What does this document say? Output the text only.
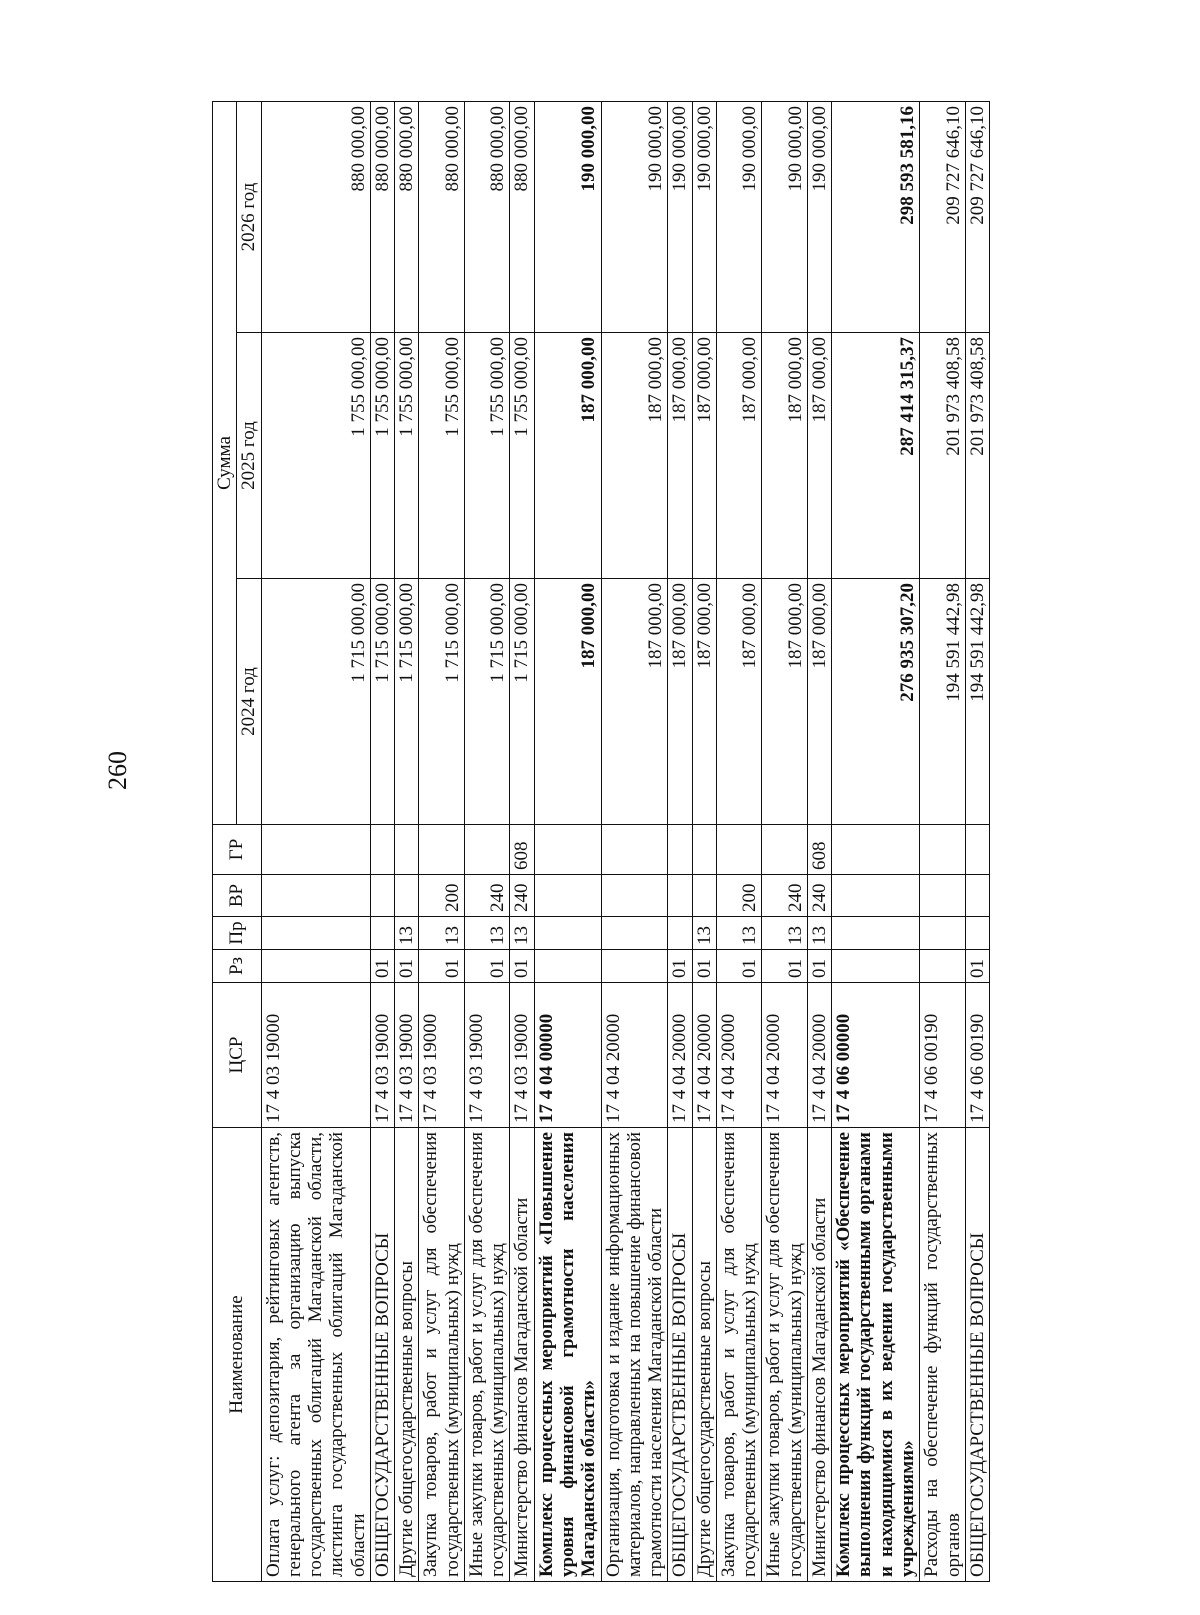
260
Наименование	ЦСР	Рз	Пр	ВР	ГР	Сумма		
						2024 год	2025 год	2026 год
Оплата услуг: депозитария, рейтинговых агентств, генерального агента за организацию выпуска государственных облигаций Магаданской области, листинга государственных облигаций Магаданской области	17 4 03 19000					1 715 000,00	1 755 000,00	880 000,00
ОБЩЕГОСУДАРСТВЕННЫЕ ВОПРОСЫ	17 4 03 19000	01				1 715 000,00	1 755 000,00	880 000,00
Другие общегосударственные вопросы	17 4 03 19000	01	13			1 715 000,00	1 755 000,00	880 000,00
Закупка товаров, работ и услуг для обеспечения государственных (муниципальных) нужд	17 4 03 19000	01	13	200		1 715 000,00	1 755 000,00	880 000,00
Иные закупки товаров, работ и услуг для обеспечения государственных (муниципальных) нужд	17 4 03 19000	01	13	240		1 715 000,00	1 755 000,00	880 000,00
Министерство финансов Магаданской области	17 4 03 19000	01	13	240	608	1 715 000,00	1 755 000,00	880 000,00
Комплекс процессных мероприятий «Повышение уровня финансовой грамотности населения Магаданской области»	17 4 04 00000					187 000,00	187 000,00	190 000,00
Организация, подготовка и издание информационных материалов, направленных на повышение финансовой грамотности населения Магаданской области	17 4 04 20000					187 000,00	187 000,00	190 000,00
ОБЩЕГОСУДАРСТВЕННЫЕ ВОПРОСЫ	17 4 04 20000	01				187 000,00	187 000,00	190 000,00
Другие общегосударственные вопросы	17 4 04 20000	01	13			187 000,00	187 000,00	190 000,00
Закупка товаров, работ и услуг для обеспечения государственных (муниципальных) нужд	17 4 04 20000	01	13	200		187 000,00	187 000,00	190 000,00
Иные закупки товаров, работ и услуг для обеспечения государственных (муниципальных) нужд	17 4 04 20000	01	13	240		187 000,00	187 000,00	190 000,00
Министерство финансов Магаданской области	17 4 04 20000	01	13	240	608	187 000,00	187 000,00	190 000,00
Комплекс процессных мероприятий «Обеспечение выполнения функций государственными органами и находящимися в их ведении государственными учреждениями»	17 4 06 00000					276 935 307,20	287 414 315,37	298 593 581,16
Расходы на обеспечение функций государственных органов	17 4 06 00190					194 591 442,98	201 973 408,58	209 727 646,10
ОБЩЕГОСУДАРСТВЕННЫЕ ВОПРОСЫ	17 4 06 00190	01				194 591 442,98	201 973 408,58	209 727 646,10
